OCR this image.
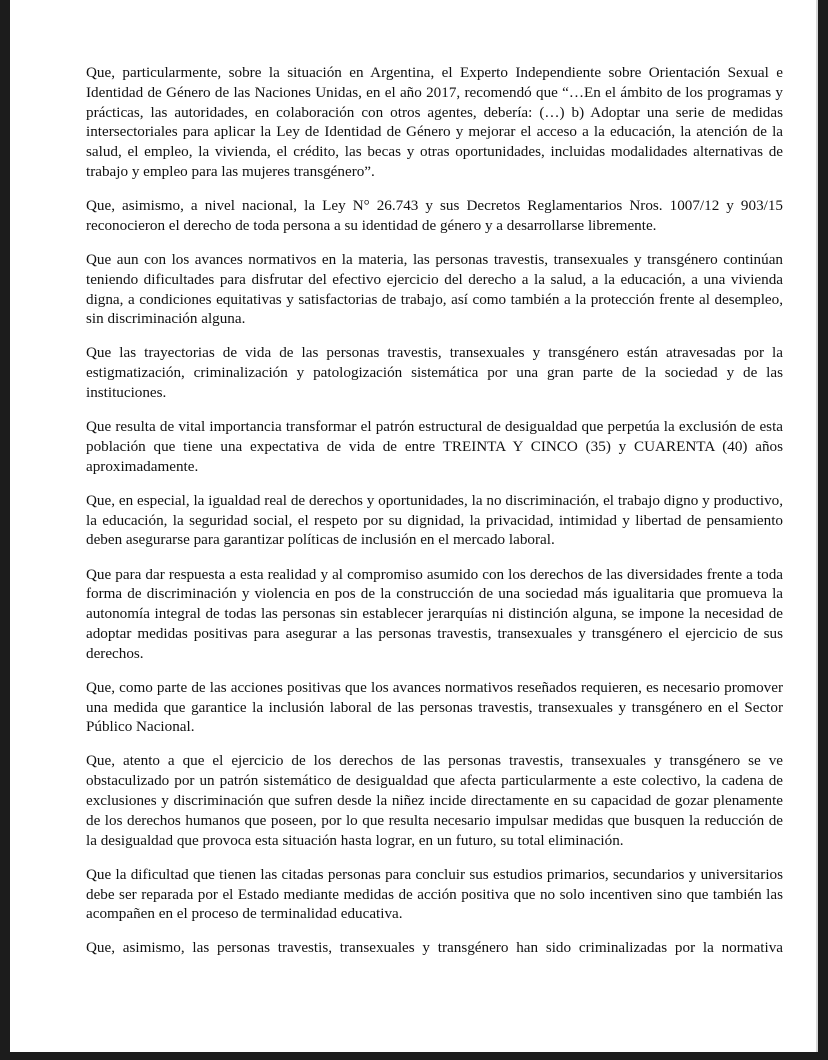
Que, particularmente, sobre la situación en Argentina, el Experto Independiente sobre Orientación Sexual e Identidad de Género de las Naciones Unidas, en el año 2017, recomendó que “…En el ámbito de los programas y prácticas, las autoridades, en colaboración con otros agentes, debería: (…) b) Adoptar una serie de medidas intersectoriales para aplicar la Ley de Identidad de Género y mejorar el acceso a la educación, la atención de la salud, el empleo, la vivienda, el crédito, las becas y otras oportunidades, incluidas modalidades alternativas de trabajo y empleo para las mujeres transgénero”.

Que, asimismo, a nivel nacional, la Ley N° 26.743 y sus Decretos Reglamentarios Nros. 1007/12 y 903/15 reconocieron el derecho de toda persona a su identidad de género y a desarrollarse libremente.

Que aun con los avances normativos en la materia, las personas travestis, transexuales y transgénero continúan teniendo dificultades para disfrutar del efectivo ejercicio del derecho a la salud, a la educación, a una vivienda digna, a condiciones equitativas y satisfactorias de trabajo, así como también a la protección frente al desempleo, sin discriminación alguna.

Que las trayectorias de vida de las personas travestis, transexuales y transgénero están atravesadas por la estigmatización, criminalización y patologización sistemática por una gran parte de la sociedad y de las instituciones.

Que resulta de vital importancia transformar el patrón estructural de desigualdad que perpetúa la exclusión de esta población que tiene una expectativa de vida de entre TREINTA Y CINCO (35) y CUARENTA (40) años aproximadamente.

Que, en especial, la igualdad real de derechos y oportunidades, la no discriminación, el trabajo digno y productivo, la educación, la seguridad social, el respeto por su dignidad, la privacidad, intimidad y libertad de pensamiento deben asegurarse para garantizar políticas de inclusión en el mercado laboral.

Que para dar respuesta a esta realidad y al compromiso asumido con los derechos de las diversidades frente a toda forma de discriminación y violencia en pos de la construcción de una sociedad más igualitaria que promueva la autonomía integral de todas las personas sin establecer jerarquías ni distinción alguna, se impone la necesidad de adoptar medidas positivas para asegurar a las personas travestis, transexuales y transgénero el ejercicio de sus derechos.

Que, como parte de las acciones positivas que los avances normativos reseñados requieren, es necesario promover una medida que garantice la inclusión laboral de las personas travestis, transexuales y transgénero en el Sector Público Nacional.

Que, atento a que el ejercicio de los derechos de las personas travestis, transexuales y transgénero se ve obstaculizado por un patrón sistemático de desigualdad que afecta particularmente a este colectivo, la cadena de exclusiones y discriminación que sufren desde la niñez incide directamente en su capacidad de gozar plenamente de los derechos humanos que poseen, por lo que resulta necesario impulsar medidas que busquen la reducción de la desigualdad que provoca esta situación hasta lograr, en un futuro, su total eliminación.

Que la dificultad que tienen las citadas personas para concluir sus estudios primarios, secundarios y universitarios debe ser reparada por el Estado mediante medidas de acción positiva que no solo incentiven sino que también las acompañen en el proceso de terminalidad educativa.

Que, asimismo, las personas travestis, transexuales y transgénero han sido criminalizadas por la normativa
